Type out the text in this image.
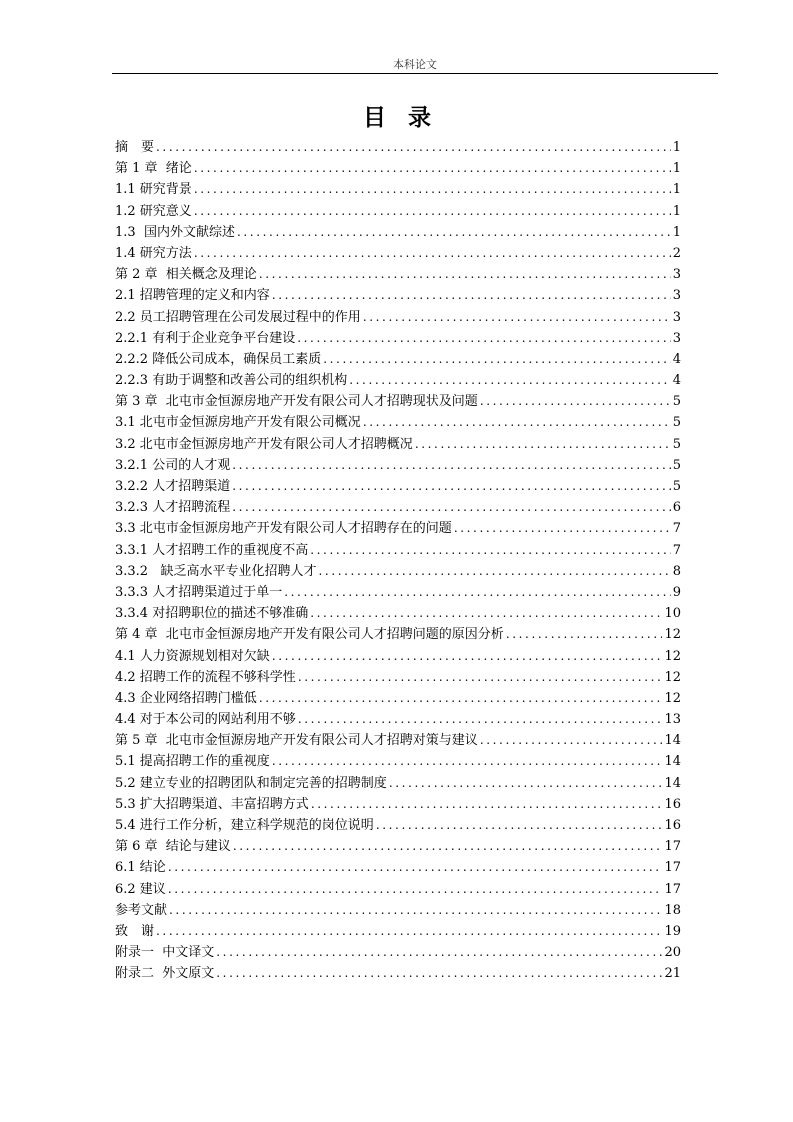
本科论文
目录
摘　要 .....	1
第 1 章  绪论 .....	1
1.1 研究背景 .....	1
1.2 研究意义 .....	1
1.3  国内外文献综述 .....	1
1.4 研究方法 .....	2
第 2 章  相关概念及理论 .....	3
2.1 招聘管理的定义和内容 .....	3
2.2 员工招聘管理在公司发展过程中的作用 .....	3
2.2.1 有利于企业竞争平台建设 .....	3
2.2.2 降低公司成本，确保员工素质 .....	4
2.2.3 有助于调整和改善公司的组织机构 .....	4
第 3 章  北屯市金恒源房地产开发有限公司人才招聘现状及问题 .....	5
3.1 北屯市金恒源房地产开发有限公司概况 .....	5
3.2 北屯市金恒源房地产开发有限公司人才招聘概况 .....	5
3.2.1 公司的人才观 .....	5
3.2.2 人才招聘渠道 .....	5
3.2.3 人才招聘流程 .....	6
3.3 北屯市金恒源房地产开发有限公司人才招聘存在的问题 .....	7
3.3.1 人才招聘工作的重视度不高 .....	7
3.3.2   缺乏高水平专业化招聘人才 .....	8
3.3.3 人才招聘渠道过于单一 .....	9
3.3.4 对招聘职位的描述不够准确 .....	10
第 4 章  北屯市金恒源房地产开发有限公司人才招聘问题的原因分析 .....	12
4.1 人力资源规划相对欠缺 .....	12
4.2 招聘工作的流程不够科学性 .....	12
4.3 企业网络招聘门槛低 .....	12
4.4 对于本公司的网站利用不够 .....	13
第 5 章  北屯市金恒源房地产开发有限公司人才招聘对策与建议 .....	14
5.1 提高招聘工作的重视度 .....	14
5.2 建立专业的招聘团队和制定完善的招聘制度 .....	14
5.3 扩大招聘渠道、丰富招聘方式 .....	16
5.4 进行工作分析，建立科学规范的岗位说明 .....	16
第 6 章  结论与建议 .....	17
6.1 结论 .....	17
6.2 建议 .....	17
参考文献 .....	18
致　谢 .....	19
附录一  中文译文 .....	20
附录二  外文原文 .....	21
